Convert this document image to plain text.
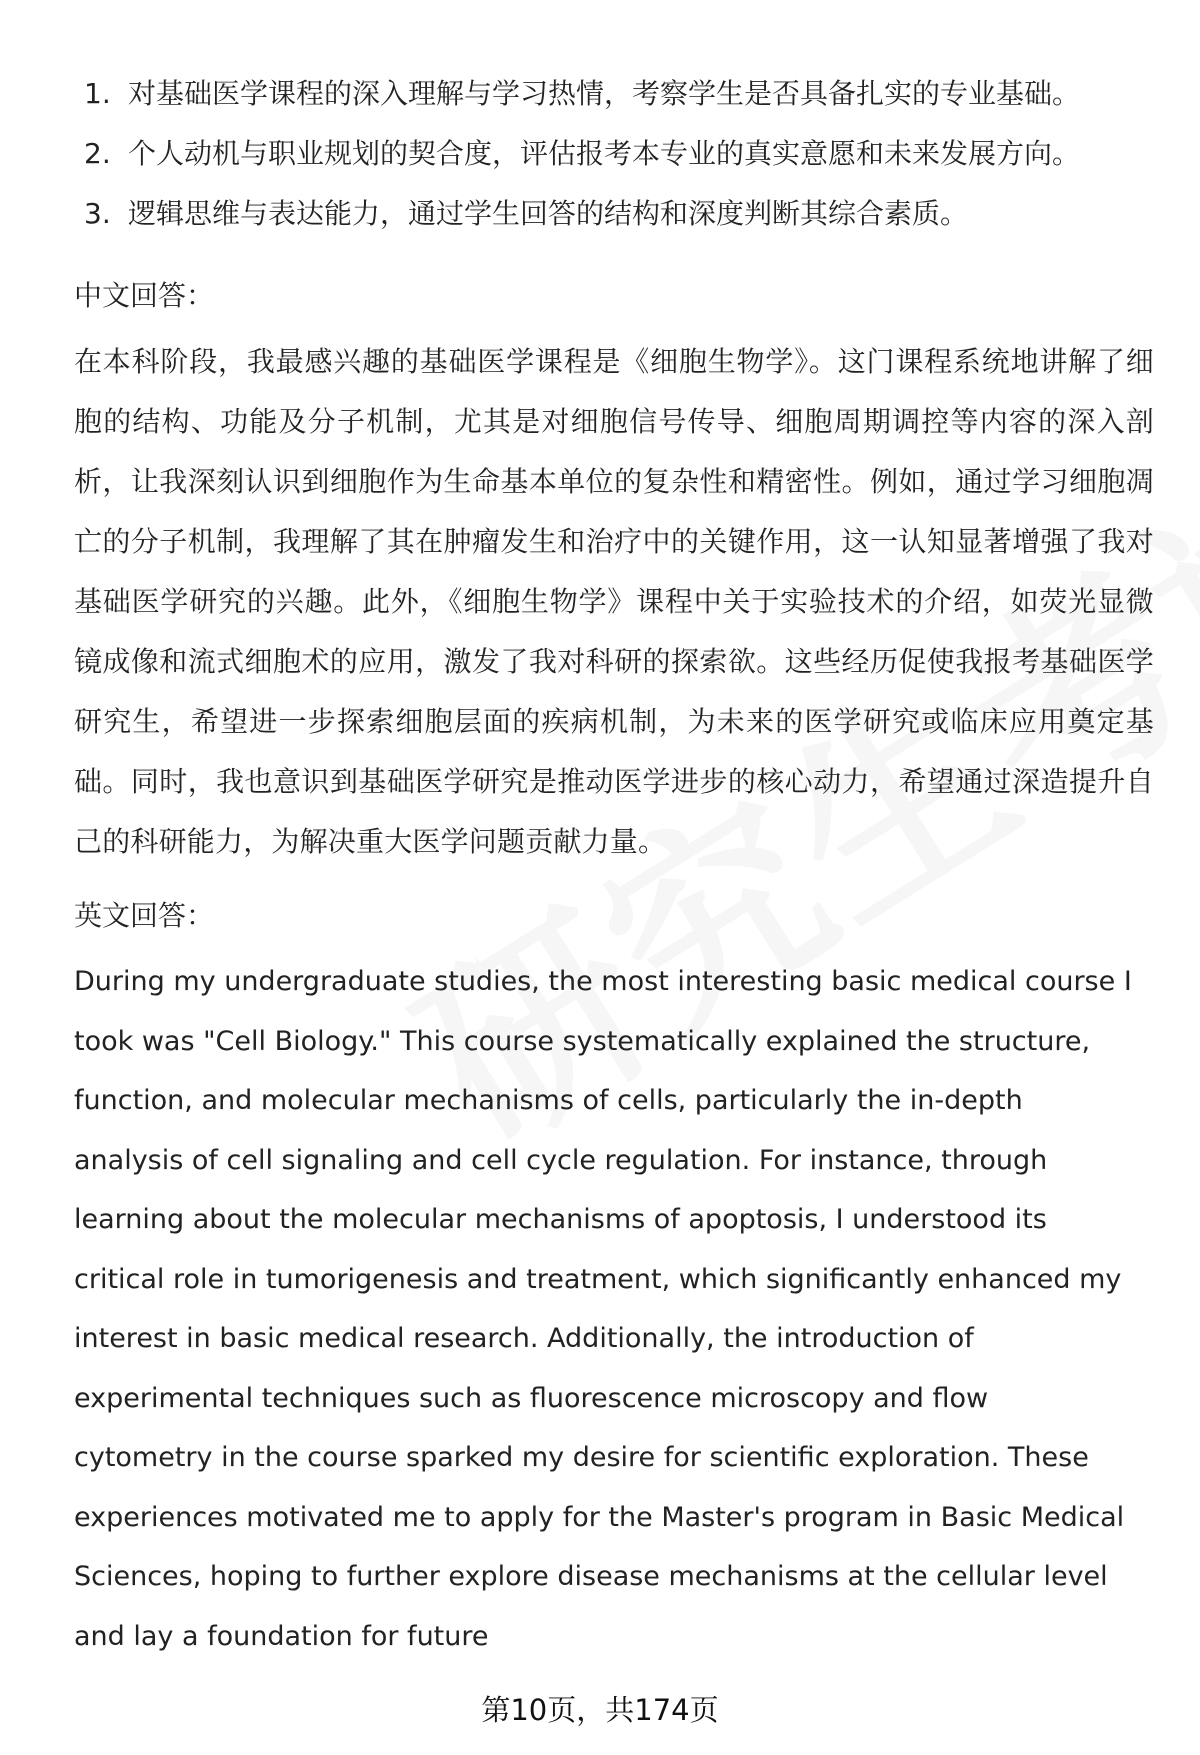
1. 对基础医学课程的深入理解与学习热情，考察学生是否具备扎实的专业基础。
2. 个人动机与职业规划的契合度，评估报考本专业的真实意愿和未来发展方向。
3. 逻辑思维与表达能力，通过学生回答的结构和深度判断其综合素质。
中文回答：
在本科阶段，我最感兴趣的基础医学课程是《细胞生物学》。这门课程系统地讲解了细胞的结构、功能及分子机制，尤其是对细胞信号传导、细胞周期调控等内容的深入剖析，让我深刻认识到细胞作为生命基本单位的复杂性和精密性。例如，通过学习细胞凋亡的分子机制，我理解了其在肿瘤发生和治疗中的关键作用，这一认知显著增强了我对基础医学研究的兴趣。此外，《细胞生物学》课程中关于实验技术的介绍，如荧光显微镜成像和流式细胞术的应用，激发了我对科研的探索欲。这些经历促使我报考基础医学研究生，希望进一步探索细胞层面的疾病机制，为未来的医学研究或临床应用奠定基础。同时，我也意识到基础医学研究是推动医学进步的核心动力，希望通过深造提升自己的科研能力，为解决重大医学问题贡献力量。
英文回答：
During my undergraduate studies, the most interesting basic medical course I took was "Cell Biology." This course systematically explained the structure, function, and molecular mechanisms of cells, particularly the in-depth analysis of cell signaling and cell cycle regulation. For instance, through learning about the molecular mechanisms of apoptosis, I understood its critical role in tumorigenesis and treatment, which significantly enhanced my interest in basic medical research. Additionally, the introduction of experimental techniques such as fluorescence microscopy and flow cytometry in the course sparked my desire for scientific exploration. These experiences motivated me to apply for the Master's program in Basic Medical Sciences, hoping to further explore disease mechanisms at the cellular level and lay a foundation for future
第10页，共174页
